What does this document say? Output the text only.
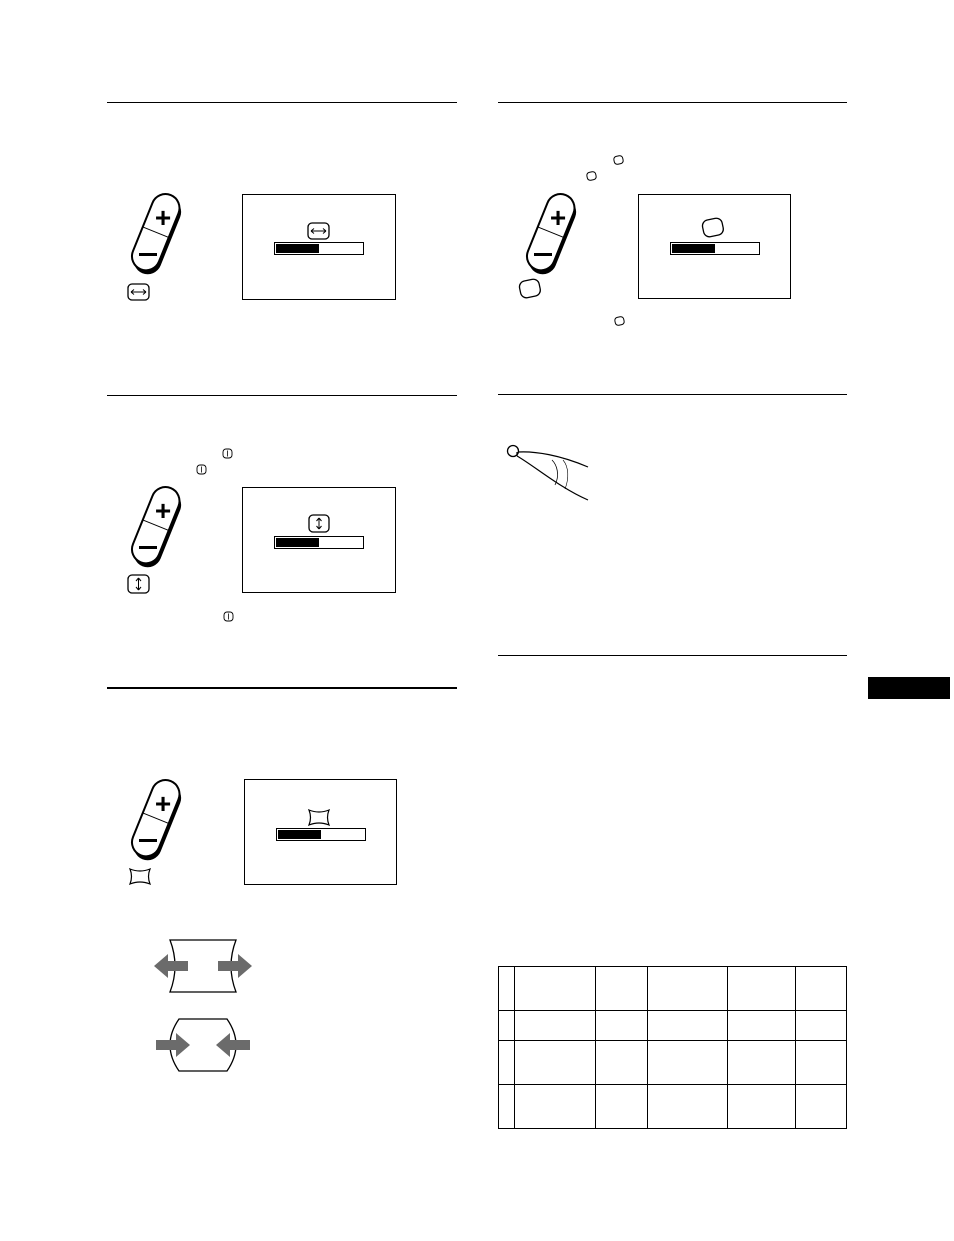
+	+
+
+
